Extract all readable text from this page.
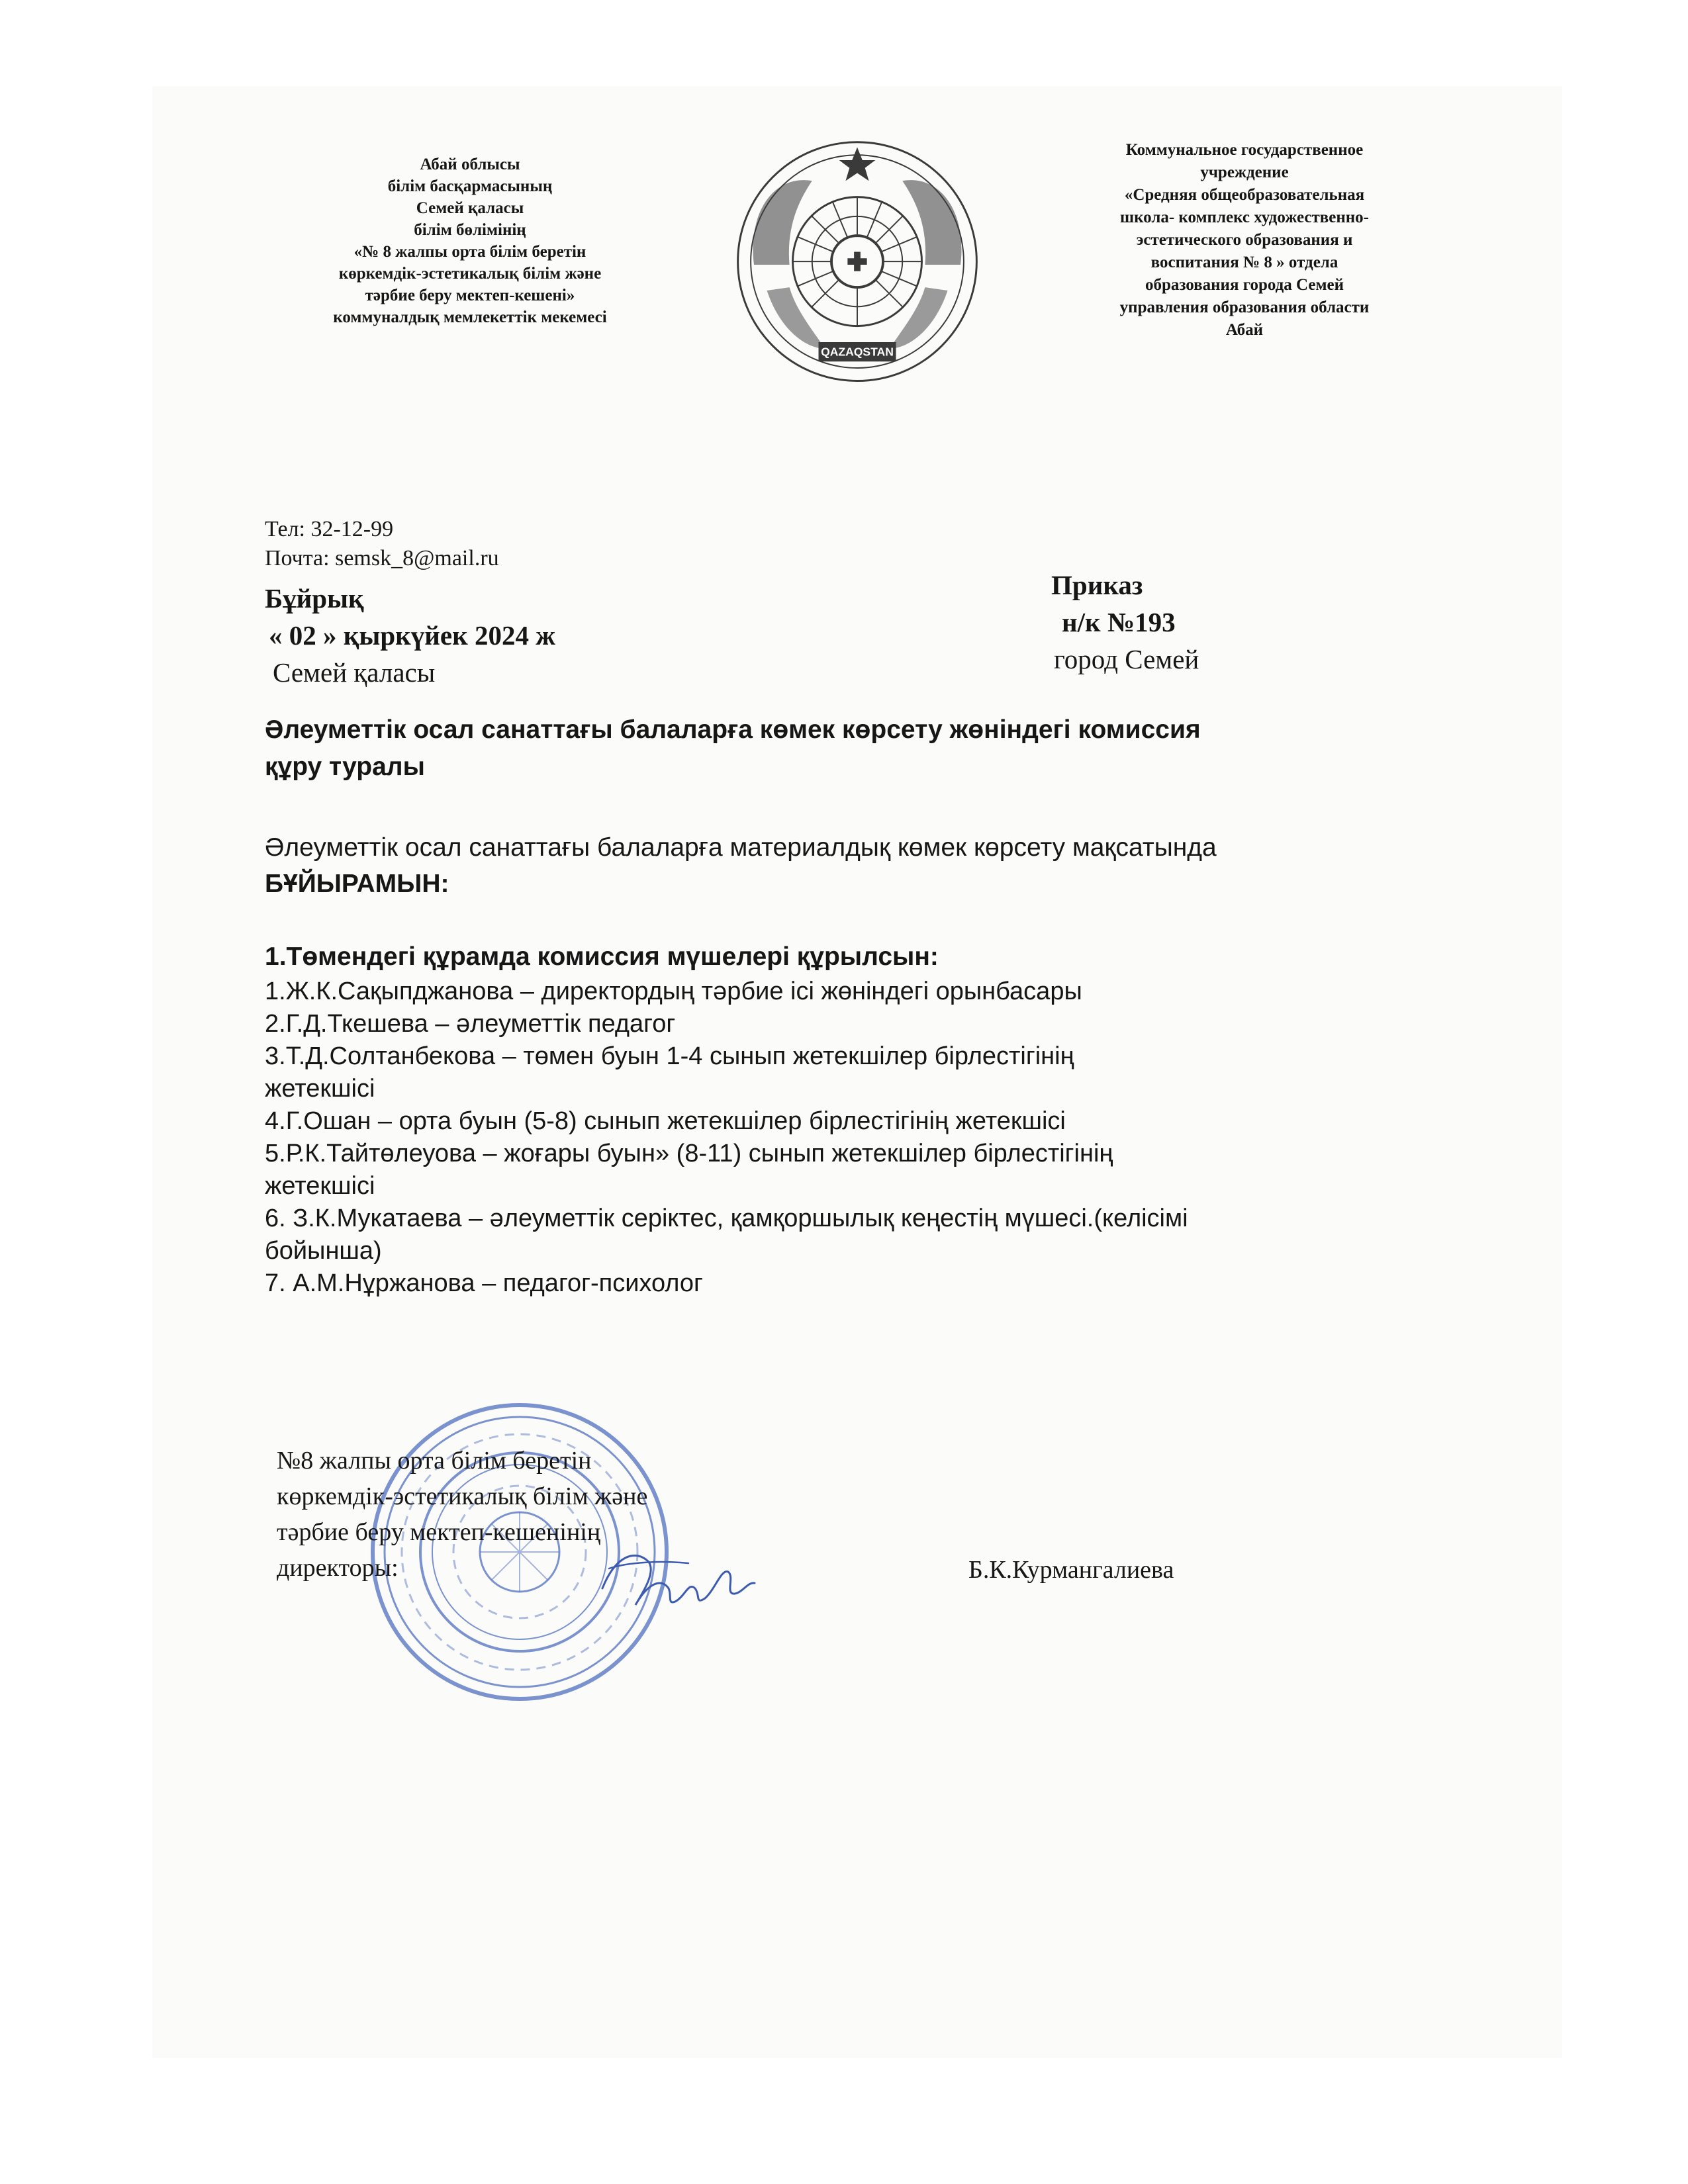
Абай облысы
білім басқармасының
Семей қаласы
білім бөлімінің
«№ 8 жалпы орта білім беретін
көркемдік-эстетикалық білім және
тәрбие беру мектеп-кешені»
коммуналдық мемлекеттік мекемесі
QAZAQSTAN
Коммунальное государственное
учреждение
«Средняя общеобразовательная
школа- комплекс художественно-
эстетического образования и
воспитания № 8 » отдела
образования города Семей
управления образования области
Абай
Тел: 32-12-99
Почта: semsk_8@mail.ru
Бұйрық
« 02 » қыркүйек 2024 ж
Семей қаласы
Приказ
н/к №193
город Семей
Әлеуметтік осал санаттағы балаларға көмек көрсету жөніндегі комиссия
құру туралы
Әлеуметтік осал санаттағы балаларға материалдық көмек көрсету мақсатында
БҰЙЫРАМЫН:
1.Төмендегі құрамда комиссия мүшелері құрылсын:
1.Ж.К.Сақыпджанова – директордың тәрбие ісі жөніндегі орынбасары
2.Г.Д.Ткешева – әлеуметтік педагог
3.Т.Д.Солтанбекова – төмен буын 1-4 сынып жетекшілер бірлестігінің
жетекшісі
4.Г.Ошан – орта буын (5-8) сынып жетекшілер бірлестігінің жетекшісі
5.Р.К.Тайтөлеуова – жоғары буын» (8-11) сынып жетекшілер бірлестігінің
жетекшісі
6. З.К.Мукатаева – әлеуметтік серіктес, қамқоршылық кеңестің мүшесі.(келісімі
бойынша)
7. А.М.Нұржанова – педагог-психолог
№8 жалпы орта білім беретін
көркемдік-эстетикалық білім және
тәрбие беру мектеп-кешенінің
директоры:	Б.К.Курмангалиева
